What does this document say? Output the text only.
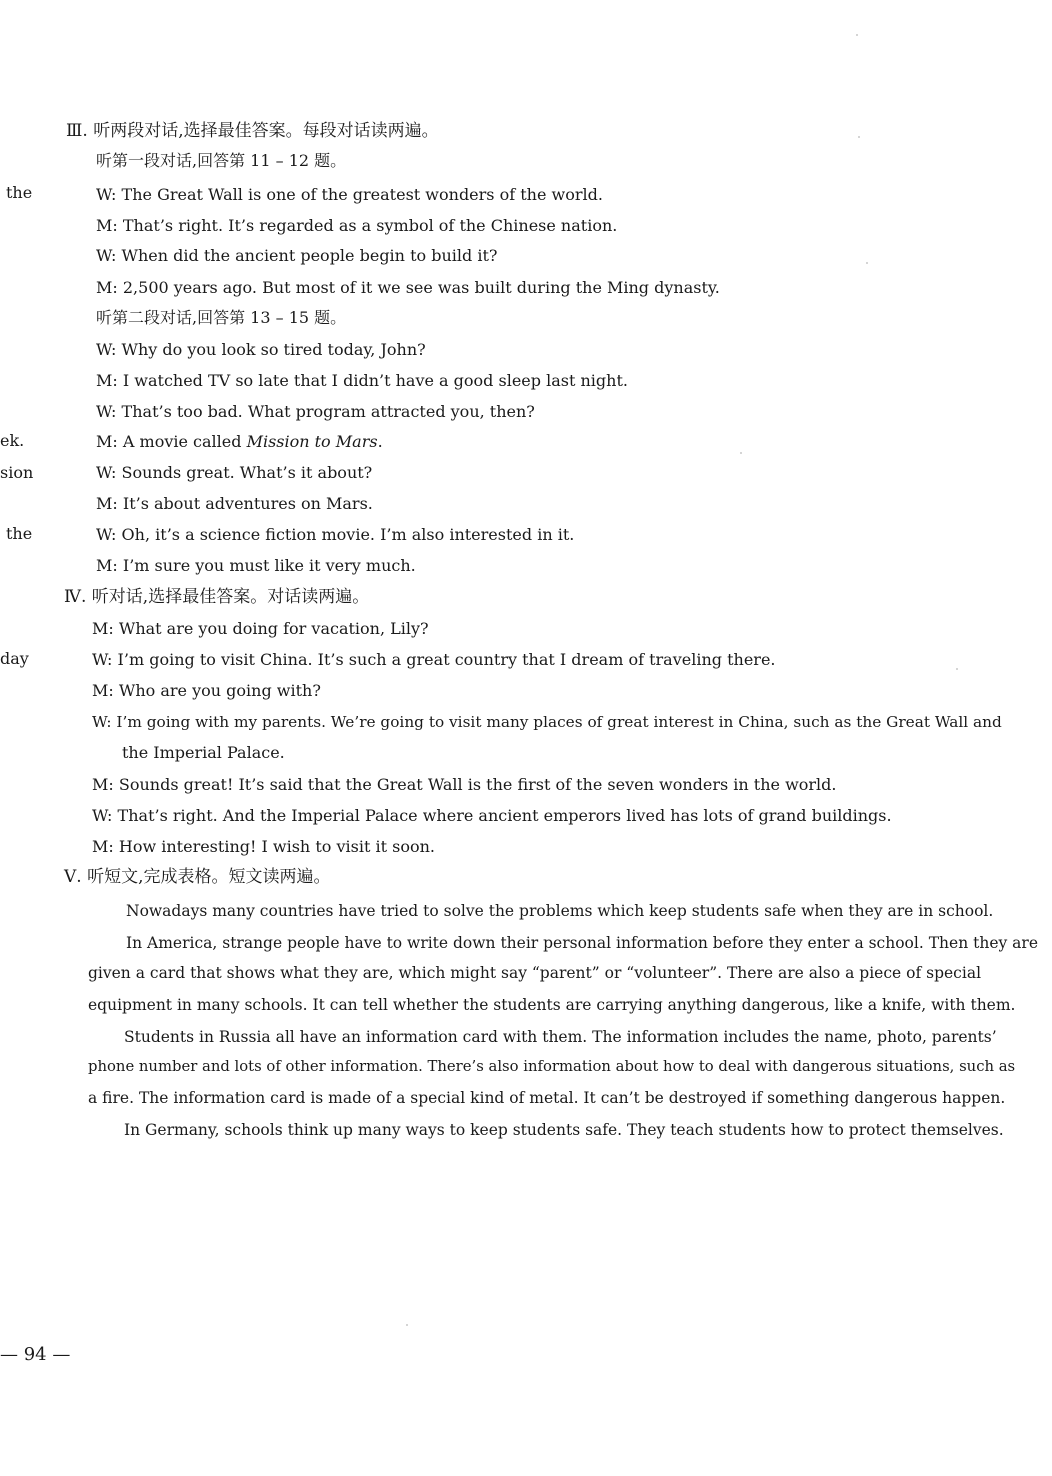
the
ek.
sion
the
day
Ⅲ. 听两段对话,选择最佳答案。每段对话读两遍。
听第一段对话,回答第 11 – 12 题。
W: The Great Wall is one of the greatest wonders of the world.
M: That’s right. It’s regarded as a symbol of the Chinese nation.
W: When did the ancient people begin to build it?
M: 2,500 years ago. But most of it we see was built during the Ming dynasty.
听第二段对话,回答第 13 – 15 题。
W: Why do you look so tired today, John?
M: I watched TV so late that I didn’t have a good sleep last night.
W: That’s too bad. What program attracted you, then?
M: A movie called Mission to Mars.
W: Sounds great. What’s it about?
M: It’s about adventures on Mars.
W: Oh, it’s a science fiction movie. I’m also interested in it.
M: I’m sure you must like it very much.
Ⅳ. 听对话,选择最佳答案。对话读两遍。
M: What are you doing for vacation, Lily?
W: I’m going to visit China. It’s such a great country that I dream of traveling there.
M: Who are you going with?
W: I’m going with my parents. We’re going to visit many places of great interest in China, such as the Great Wall and
the Imperial Palace.
M: Sounds great! It’s said that the Great Wall is the first of the seven wonders in the world.
W: That’s right. And the Imperial Palace where ancient emperors lived has lots of grand buildings.
M: How interesting! I wish to visit it soon.
Ⅴ. 听短文,完成表格。短文读两遍。
Nowadays many countries have tried to solve the problems which keep students safe when they are in school.
In America, strange people have to write down their personal information before they enter a school. Then they are
given a card that shows what they are, which might say “parent” or “volunteer”. There are also a piece of special
equipment in many schools. It can tell whether the students are carrying anything dangerous, like a knife, with them.
Students in Russia all have an information card with them. The information includes the name, photo, parents’
phone number and lots of other information. There’s also information about how to deal with dangerous situations, such as
a fire. The information card is made of a special kind of metal. It can’t be destroyed if something dangerous happen.
In Germany, schools think up many ways to keep students safe. They teach students how to protect themselves.
— 94 —
